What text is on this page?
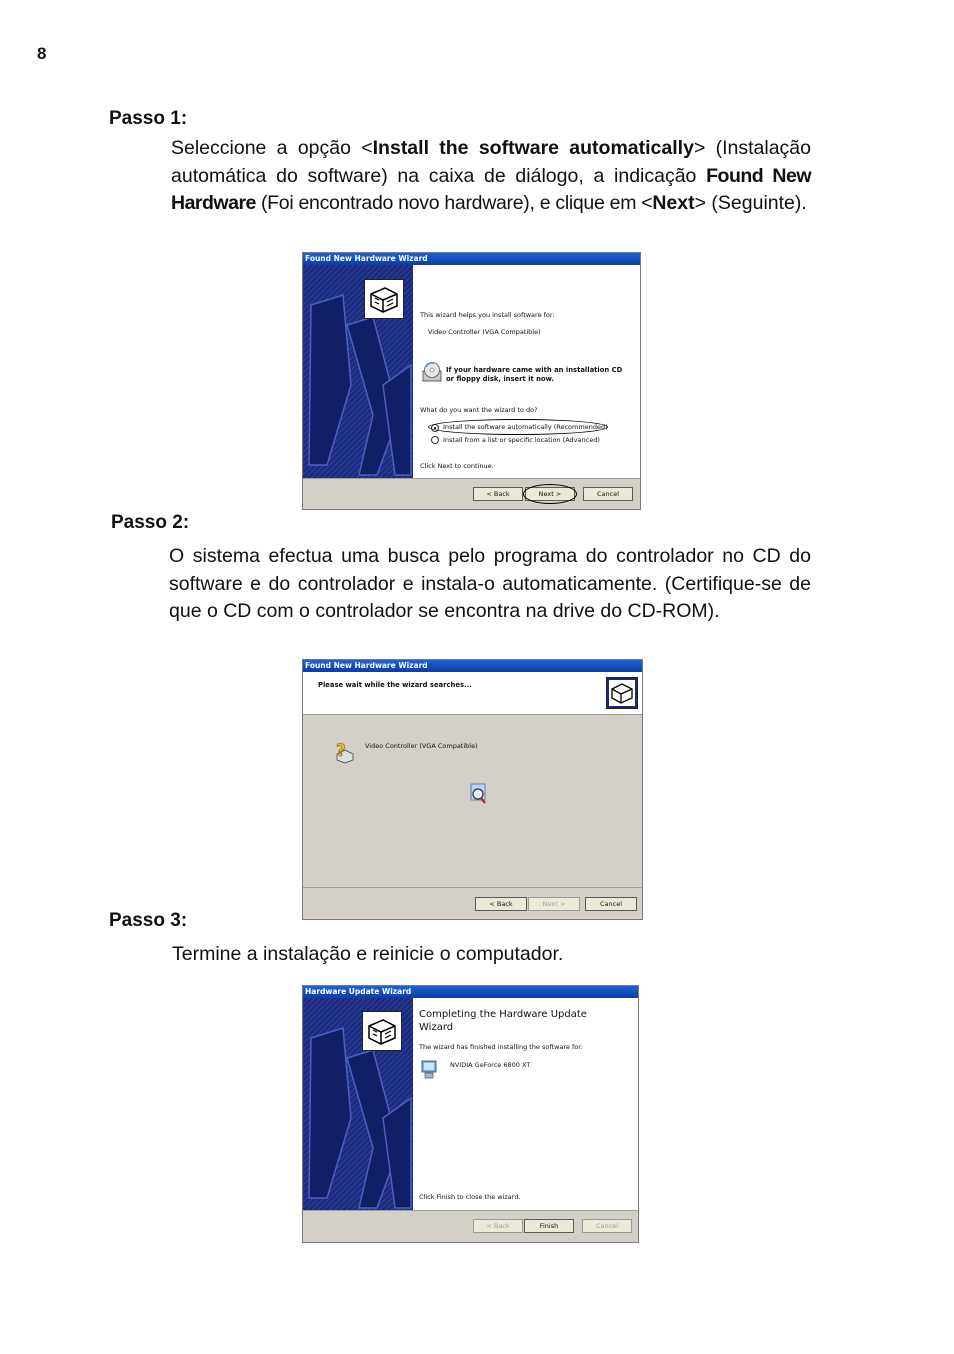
8
Passo 1:
Seleccione a opção <Install the software automatically> (Instalação automática do software) na caixa de diálogo, a indicação Found New Hardware (Foi encontrado novo hardware), e clique em <Next> (Seguinte).
Found New Hardware Wizard
This wizard helps you install software for:
Video Controller (VGA Compatible)
If your hardware came with an installation CD
or floppy disk, insert it now.
What do you want the wizard to do?
Install the software automatically (Recommended)
Install from a list or specific location (Advanced)
Click Next to continue.
< Back	Next >	Cancel
Passo 2:
O sistema efectua uma busca pelo programa do controlador no CD do software e do controlador e instala-o automaticamente. (Certifique-se de que o CD com o controlador se encontra na drive do CD-ROM).
Found New Hardware Wizard
Please wait while the wizard searches...
?	Video Controller (VGA Compatible)
< Back	Next >	Cancel
Passo 3:
Termine a instalação e reinicie o computador.
Hardware Update Wizard
Completing the Hardware Update
Wizard
The wizard has finished installing the software for:
NVIDIA GeForce 6800 XT
Click Finish to close the wizard.
< Back	Finish	Cancel
